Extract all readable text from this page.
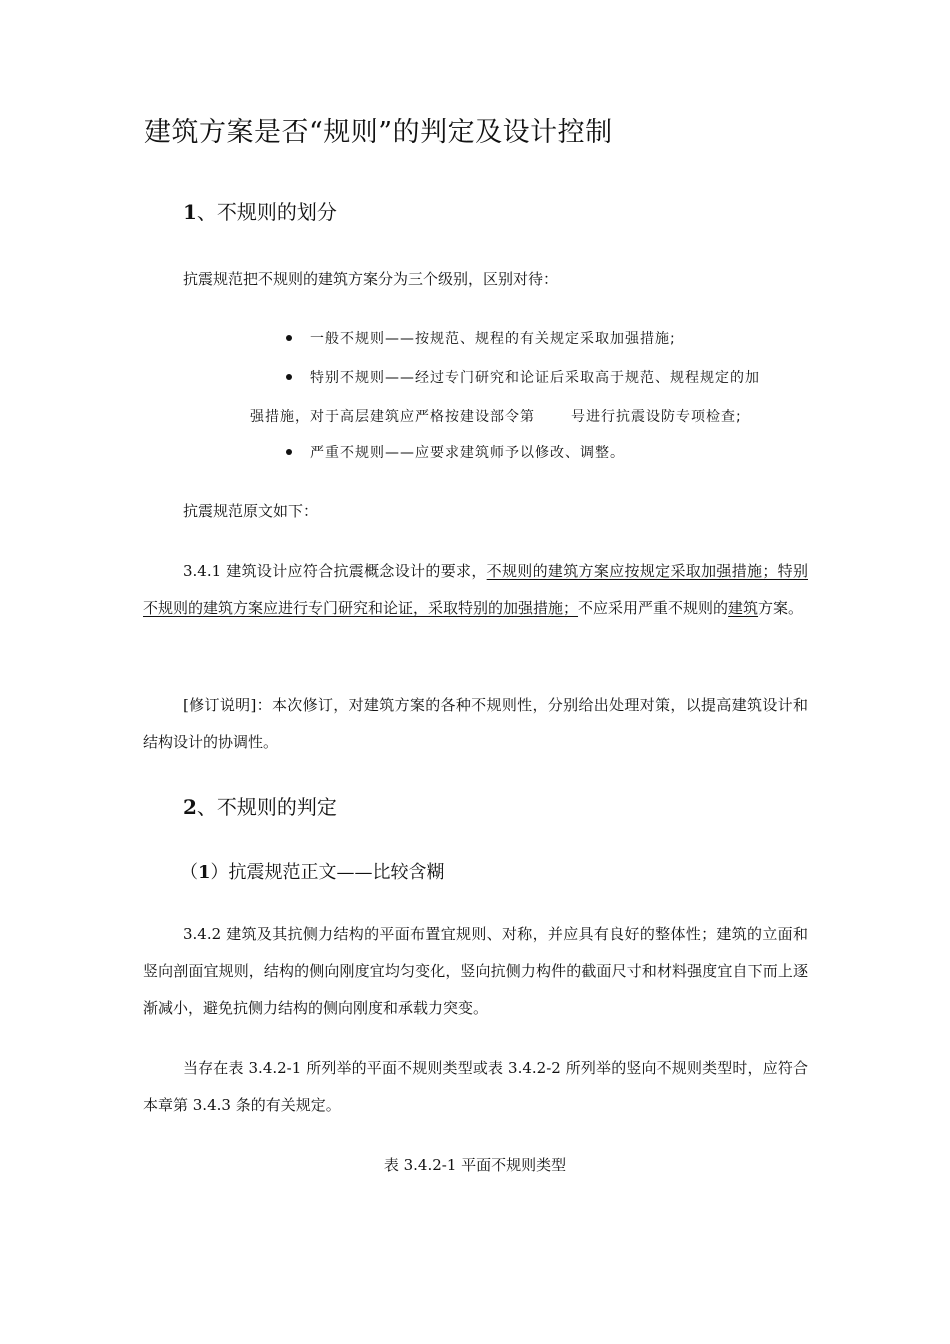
建筑方案是否“规则”的判定及设计控制
1、不规则的划分
抗震规范把不规则的建筑方案分为三个级别，区别对待：
一般不规则——按规范、规程的有关规定采取加强措施;
特别不规则——经过专门研究和论证后采取高于规范、规程规定的加
强措施，对于高层建筑应严格按建设部令第	号进行抗震设防专项检查;
严重不规则——应要求建筑师予以修改、调整。
抗震规范原文如下：
3.4.1 建筑设计应符合抗震概念设计的要求，不规则的建筑方案应按规定采取加强措施；特别不规则的建筑方案应进行专门研究和论证，采取特别的加强措施；不应采用严重不规则的建筑方案。
[修订说明]：本次修订，对建筑方案的各种不规则性，分别给出处理对策，以提高建筑设计和结构设计的协调性。
2、不规则的判定
（1）抗震规范正文——比较含糊
3.4.2 建筑及其抗侧力结构的平面布置宜规则、对称，并应具有良好的整体性；建筑的立面和竖向剖面宜规则，结构的侧向刚度宜均匀变化，竖向抗侧力构件的截面尺寸和材料强度宜自下而上逐渐减小，避免抗侧力结构的侧向刚度和承载力突变。
当存在表 3.4.2-1 所列举的平面不规则类型或表 3.4.2-2 所列举的竖向不规则类型时，应符合本章第 3.4.3 条的有关规定。
表 3.4.2-1 平面不规则类型
